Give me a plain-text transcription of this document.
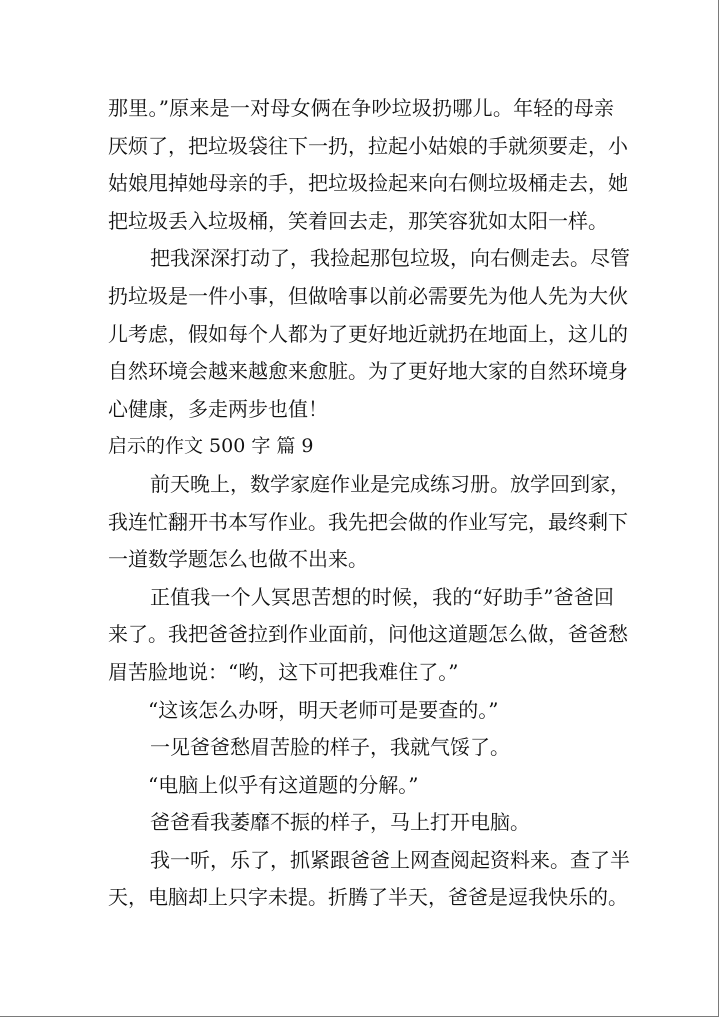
那里。”原来是一对母女俩在争吵垃圾扔哪儿。年轻的母亲
厌烦了，把垃圾袋往下一扔，拉起小姑娘的手就须要走，小
姑娘甩掉她母亲的手，把垃圾捡起来向右侧垃圾桶走去，她
把垃圾丢入垃圾桶，笑着回去走，那笑容犹如太阳一样。
把我深深打动了，我捡起那包垃圾，向右侧走去。尽管
扔垃圾是一件小事，但做啥事以前必需要先为他人先为大伙
儿考虑，假如每个人都为了更好地近就扔在地面上，这儿的
自然环境会越来越愈来愈脏。为了更好地大家的自然环境身
心健康，多走两步也值！
启示的作文 500 字 篇 9
前天晚上，数学家庭作业是完成练习册。放学回到家，
我连忙翻开书本写作业。我先把会做的作业写完，最终剩下
一道数学题怎么也做不出来。
正值我一个人冥思苦想的时候，我的“好助手”爸爸回
来了。我把爸爸拉到作业面前，问他这道题怎么做，爸爸愁
眉苦脸地说：“哟，这下可把我难住了。”
“这该怎么办呀，明天老师可是要查的。”
一见爸爸愁眉苦脸的样子，我就气馁了。
“电脑上似乎有这道题的分解。”
爸爸看我萎靡不振的样子，马上打开电脑。
我一听，乐了，抓紧跟爸爸上网查阅起资料来。查了半
天，电脑却上只字未提。折腾了半天，爸爸是逗我快乐的。
